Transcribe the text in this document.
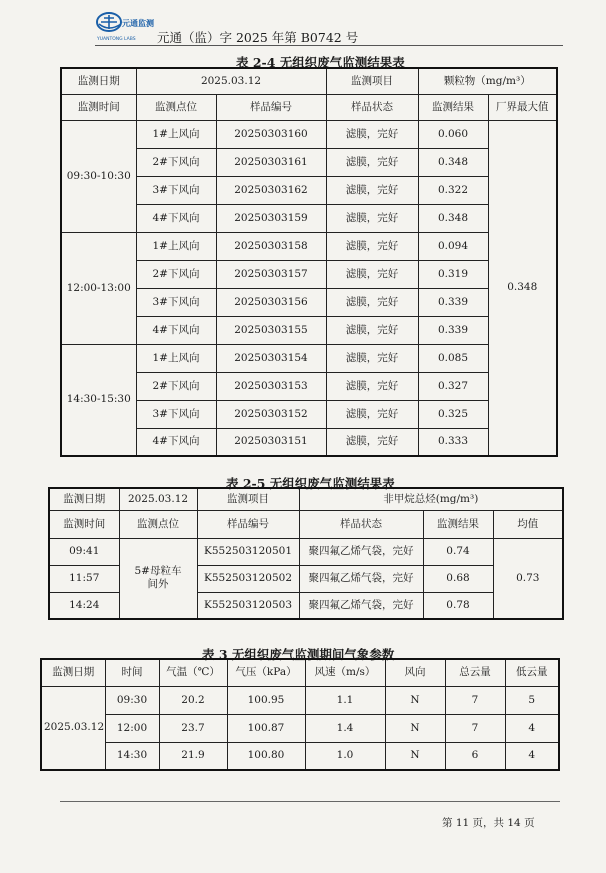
元通监测
YUANTONG LABS 元通（监）字 2025 年第 B0742 号
表 2-4 无组织废气监测结果表
监测日期	2025.03.12		监测项目	颗粒物（mg/m³）	
监测时间	监测点位	样品编号	样品状态	监测结果	厂界最大值
09:30-10:30	1#上风向	20250303160	滤膜，完好	0.060	0.348
	2#下风向	20250303161	滤膜，完好	0.348	
	3#下风向	20250303162	滤膜，完好	0.322	
	4#下风向	20250303159	滤膜，完好	0.348	
12:00-13:00	1#上风向	20250303158	滤膜，完好	0.094	
	2#下风向	20250303157	滤膜，完好	0.319	
	3#下风向	20250303156	滤膜，完好	0.339	
	4#下风向	20250303155	滤膜，完好	0.339	
14:30-15:30	1#上风向	20250303154	滤膜，完好	0.085	
	2#下风向	20250303153	滤膜，完好	0.327	
	3#下风向	20250303152	滤膜，完好	0.325	
	4#下风向	20250303151	滤膜，完好	0.333	
表 2-5 无组织废气监测结果表
监测日期	2025.03.12	监测项目	非甲烷总烃(mg/m³)		
监测时间	监测点位	样品编号	样品状态	监测结果	均值
09:41	5#母粒车间外	K552503120501	聚四氟乙烯气袋，完好	0.74	0.73
11:57		K552503120502	聚四氟乙烯气袋，完好	0.68	
14:24		K552503120503	聚四氟乙烯气袋，完好	0.78	
表 3 无组织废气监测期间气象参数
监测日期	时间	气温（℃）	气压（kPa）	风速（m/s）	风向	总云量	低云量
2025.03.12	09:30	20.2	100.95	1.1	N	7	5
	12:00	23.7	100.87	1.4	N	7	4
	14:30	21.9	100.80	1.0	N	6	4
第 11 页，共 14 页
